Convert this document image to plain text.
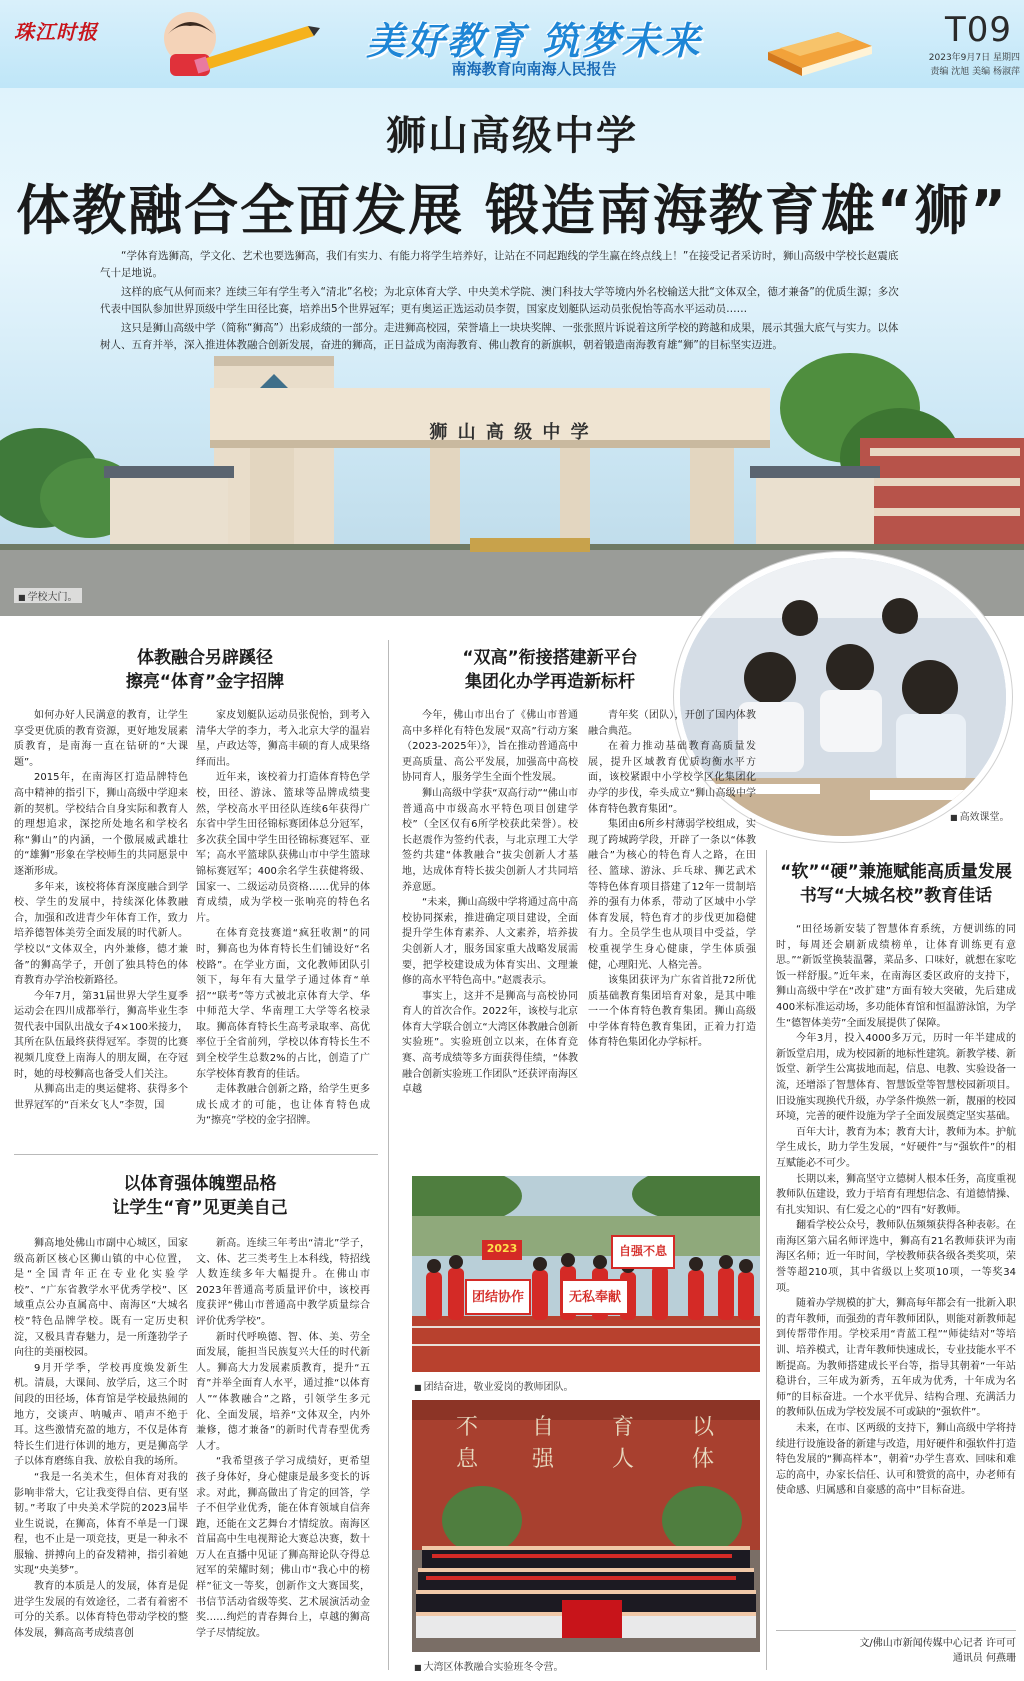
珠江时报	美好教育 筑梦未来
南海教育向南海人民报告
T09
2023年9月7日 星期四
责编 沈旭 美编 杨淑萍
狮山高级中学
体教融合全面发展 锻造南海教育雄“狮”

“学体育选狮高，学文化、艺术也要选狮高，我们有实力、有能力将学生培养好，让站在不同起跑线的学生赢在终点线上！”在接受记者采访时，狮山高级中学校长赵震底气十足地说。

这样的底气从何而来？连续三年有学生考入“清北”名校；为北京体育大学、中央美术学院、澳门科技大学等境内外名校输送大批“文体双全，德才兼备”的优质生源；多次代表中国队参加世界顶级中学生田径比赛，培养出5个世界冠军；更有奥运正选运动员李贺，国家皮划艇队运动员张倪怡等高水平运动员……

这只是狮山高级中学（简称“狮高”）出彩成绩的一部分。走进狮高校园，荣誉墙上一块块奖牌、一张张照片诉说着这所学校的跨越和成果，展示其强大底气与实力。以体树人、五育并举，深入推进体教融合创新发展，奋进的狮高，正日益成为南海教育、佛山教育的新旗帜，朝着锻造南海教育雄“狮”的目标坚实迈进。

狮 山 高 级 中 学
■ 学校大门。
■ 高效课堂。
体教融合另辟蹊径
擦亮“体育”金字招牌

如何办好人民满意的教育，让学生享受更优质的教育资源，更好地发展素质教育，是南海一直在钻研的“大课题”。

2015年，在南海区打造品牌特色高中精神的指引下，狮山高级中学迎来新的契机。学校结合自身实际和教育人的理想追求，深挖所处地名和学校名称“狮山”的内涵，一个傲展威武雄壮的“雄狮”形象在学校师生的共同愿景中逐渐形成。

多年来，该校将体育深度融合到学校、学生的发展中，持续深化体教融合，加强和改进青少年体育工作，致力培养德智体美劳全面发展的时代新人。学校以“文体双全，内外兼修，德才兼备”的狮高学子，开创了独具特色的体育教育办学治校新路径。

今年7月，第31届世界大学生夏季运动会在四川成都举行，狮高毕业生李贺代表中国队出战女子4×100米接力，其所在队伍最终获得冠军。李贺的比赛视频几度登上南海人的朋友圈，在夺冠时，她的母校狮高也备受人们关注。

从狮高出走的奥运健将、获得多个世界冠军的“百米女飞人”李贺，国

家皮划艇队运动员张倪怡，到考入清华大学的李力，考入北京大学的温岩星，卢政达等，狮高丰硕的育人成果络绎而出。

近年来，该校着力打造体育特色学校，田径、游泳、篮球等品牌成绩斐然，学校高水平田径队连续6年获得广东省中学生田径锦标赛团体总分冠军，多次获全国中学生田径锦标赛冠军、亚军；高水平篮球队获佛山市中学生篮球锦标赛冠军；400余名学生获健将级、国家一、二级运动员资格……优异的体育成绩，成为学校一张响亮的特色名片。

在体育竞技赛道“疯狂收割”的同时，狮高也为体育特长生们铺设好“名校路”。在学业方面，文化教师团队引领下，每年有大量学子通过体育“单招”“联考”等方式被北京体育大学、华中师范大学、华南理工大学等名校录取。狮高体育特长生高考录取率、高优率位于全省前列，学校以体育特长生不到全校学生总数2%的占比，创造了广东学校体育教育的佳话。

走体教融合创新之路，给学生更多成长成才的可能，也让体育特色成为“擦亮”学校的金字招牌。

“双高”衔接搭建新平台
集团化办学再造新标杆

今年，佛山市出台了《佛山市普通高中多样化有特色发展“双高”行动方案（2023-2025年）》，旨在推动普通高中更高质量、高公平发展，加强高中高校协同育人，服务学生全面个性发展。

狮山高级中学获“双高行动”“佛山市普通高中市级高水平特色项目创建学校”（全区仅有6所学校获此荣誉）。校长赵震作为签约代表，与北京理工大学签约共建“体教融合”拔尖创新人才基地，达成体育特长拔尖创新人才共同培养意愿。

“未来，狮山高级中学将通过高中高校协同探索，推进确定项目建设，全面提升学生体育素养、人文素养，培养拔尖创新人才，服务国家重大战略发展需要，把学校建设成为体育实出、文理兼修的高水平特色高中。”赵震表示。

事实上，这并不是狮高与高校协同育人的首次合作。2022年，该校与北京体育大学联合创立“大湾区体教融合创新实验班”。实验班创立以来，在体育竞赛、高考成绩等多方面获得佳绩，“体教融合创新实验班工作团队”还获评南海区卓越

青年奖（团队），开创了国内体教融合典范。

在着力推动基础教育高质量发展，提升区域教育优质均衡水平方面，该校紧跟中小学校学区化集团化办学的步伐，牵头成立“狮山高级中学体育特色教育集团”。

集团由6所乡村薄弱学校组成，实现了跨城跨学段，开辟了一条以“体教融合”为核心的特色育人之路，在田径、篮球、游泳、乒乓球、狮艺武术等特色体育项目搭建了12年一贯制培养的强有力体系，带动了区域中小学体育发展，特色育才的步伐更加稳健有力。全员学生也从项目中受益，学校重视学生身心健康，学生体质强健，心理阳光、人格完善。

该集团获评为广东省首批72所优质基础教育集团培育对象，是其中唯一一个体育特色教育集团。狮山高级中学体育特色教育集团，正着力打造体育特色集团化办学标杆。

“软”“硬”兼施赋能高质量发展
书写“大城名校”教育佳话

“田径场新安装了智慧体育系统，方便训练的同时，每周还会刷新成绩榜单，让体育训练更有意思。”“新饭堂换装温馨，菜品多、口味好，就想在家吃饭一样舒服。”近年来，在南海区委区政府的支持下，狮山高级中学在“改扩建”方面有较大突破，先后建成400米标准运动场，多功能体育馆和恒温游泳馆，为学生“德智体美劳”全面发展提供了保障。

今年3月，投入4000多万元，历时一年半建成的新饭堂启用，成为校园新的地标性建筑。新教学楼、新饭堂、新学生公寓拔地而起，信息、电教、实验设备一流，还增添了智慧体育、智慧饭堂等智慧校园新项目。旧设施实现换代升级，办学条件焕然一新，靓丽的校园环境，完善的硬件设施为学子全面发展奠定坚实基础。

百年大计，教育为本；教育大计，教师为本。护航学生成长，助力学生发展，“好硬件”与“强软件”的相互赋能必不可少。

长期以来，狮高坚守立德树人根本任务，高度重视教师队伍建设，致力于培育有理想信念、有道德情操、有扎实知识、有仁爱之心的“四有”好教师。

翻看学校公众号，教师队伍频频获得各种表彰。在南海区第六届名师评选中，狮高有21名教师获评为南海区名师；近一年时间，学校教师获各级各类奖项，荣誉等超210项，其中省级以上奖项10项，一等奖34项。

随着办学规模的扩大，狮高每年都会有一批新入职的青年教师，而强劲的青年教师团队，则能对新教师起到传帮带作用。学校采用“青蓝工程”“师徒结对”等培训、培养模式，让青年教师快速成长，专业技能水平不断提高。为教师搭建成长平台等，指导其朝着“一年站稳讲台，三年成为新秀，五年成为优秀，十年成为名师”的目标奋进。一个水平优异、结构合理、充满活力的教师队伍成为学校发展不可或缺的“强软件”。

未来，在市、区两级的支持下，狮山高级中学将持续进行设施设备的新建与改造，用好硬件和强软件打造特色发展的“狮高样本”，朝着“办学生喜欢、回味和难忘的高中，办家长信任、认可和赞赏的高中，办老师有使命感、归属感和自豪感的高中”目标奋进。

文/佛山市新闻传媒中心记者 许可可
通讯员 何燕珊
以体育强体魄塑品格
让学生“育”见更美自己

狮高地处佛山市副中心城区，国家级高新区核心区狮山镇的中心位置，是“全国青年正在专业化实验学校”、“广东省教学水平优秀学校”、区域重点公办直属高中、南海区“大城名校”特色品牌学校。既有一定历史积淀，又极具青春魅力，是一所蓬勃学子向往的美丽校园。

9月开学季，学校再度焕发新生机。清晨，大课间、放学后，这三个时间段的田径场，体育馆是学校最热闹的地方，交谈声、呐喊声、哨声不绝于耳。这些激情充盈的地方，不仅是体育特长生们进行体训的地方，更是狮高学子以体育磨练自我、放松自我的场所。

“我是一名美术生，但体育对我的影响非常大，它让我变得自信、更有坚韧。”考取了中央美术学院的2023届毕业生说说，在狮高，体育不单是一门课程，也不止是一项竞技，更是一种永不服输、拼搏向上的奋发精神，指引着她实现“央美梦”。

教育的本质是人的发展，体育是促进学生发展的有效途径，二者有着密不可分的关系。以体育特色带动学校的整体发展，狮高高考成绩喜创

新高。连续三年考出“清北”学子，文、体、艺三类考生上本科线，特招线人数连续多年大幅提升。在佛山市2023年普通高考质量评价中，该校再度获评“佛山市普通高中教学质量综合评价优秀学校”。

新时代呼唤德、智、体、美、劳全面发展，能担当民族复兴大任的时代新人。狮高大力发展素质教育，提升“五育”并举全面育人水平，通过推“以体育人”“体教融合”之路，引领学生多元化、全面发展，培养“文体双全，内外兼修，德才兼备”的新时代青春型优秀人才。

“我希望孩子学习成绩好，更希望孩子身体好，身心健康是最多变长的诉求。对此，狮高做出了肯定的回答，学子不但学业优秀，能在体育领域自信奔跑，还能在文艺舞台才情绽放。南海区首届高中生电视辩论大赛总决赛，数十万人在直播中见证了狮高辩论队夺得总冠军的荣耀时刻；佛山市“我心中的榜样”征文一等奖，创新作文大赛国奖，书信节活动省级等奖、艺术展演活动金奖……绚烂的青春舞台上，卓越的狮高学子尽情绽放。

团结协作	无私奉献
2023	自强不息
■ 团结奋进，敬业爱岗的教师团队。
不 自	育	以
息 强	人	体
■ 大湾区体教融合实验班冬令营。
